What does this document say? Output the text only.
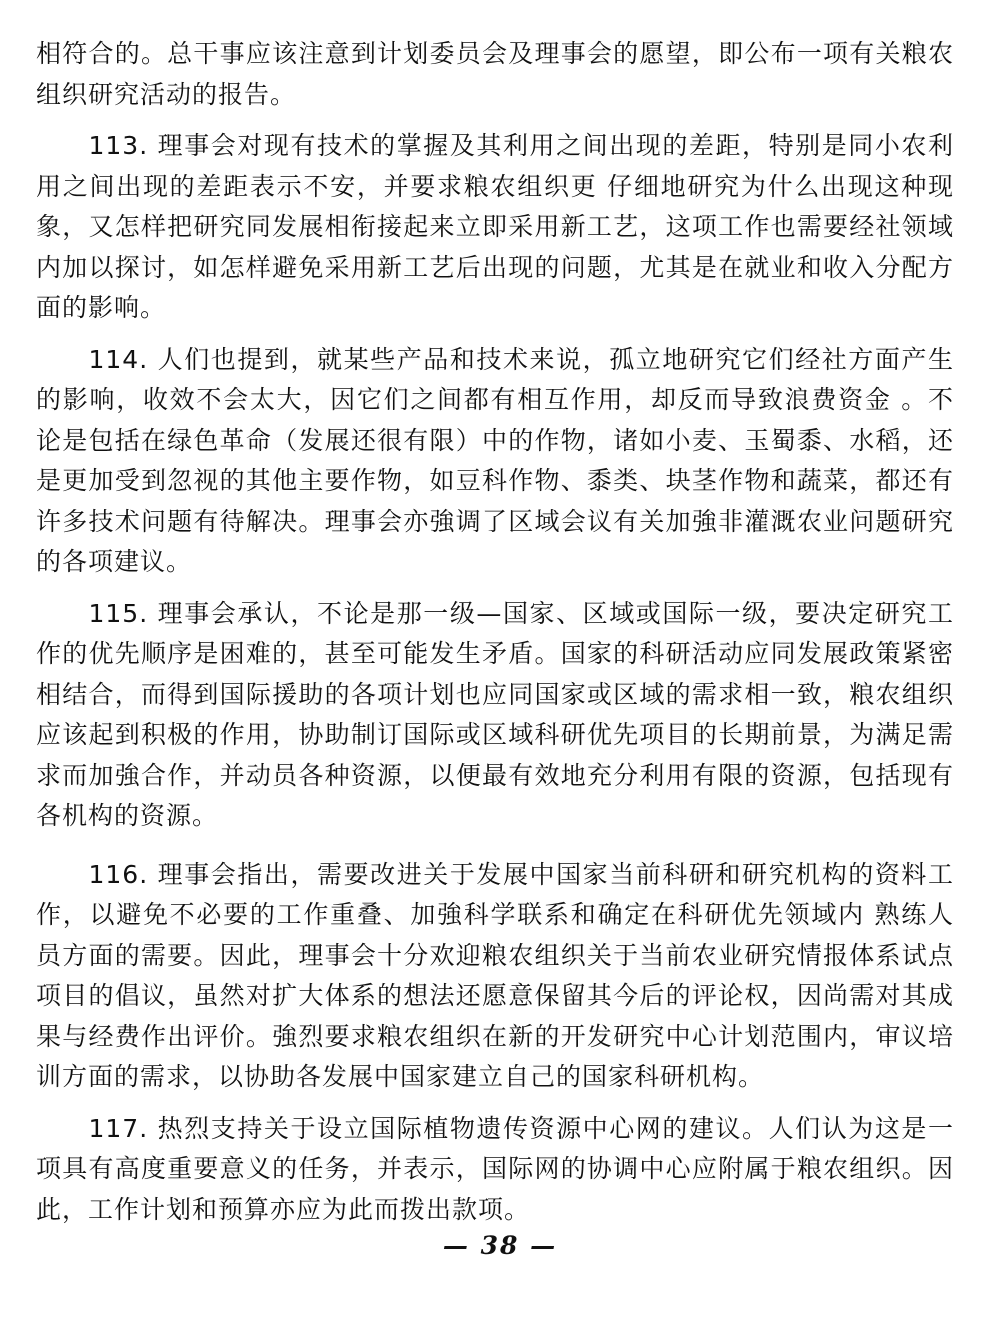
相符合的。总干事应该注意到计划委员会及理事会的愿望，即公布一项有关粮农组织研究活动的报告。

113. 理事会对现有技术的掌握及其利用之间出现的差距，特别是同小农利用之间出现的差距表示不安，并要求粮农组织更 仔细地研究为什么出现这种现象，又怎样把研究同发展相衔接起来立即采用新工艺，这项工作也需要经社领域内加以探讨，如怎样避免采用新工艺后出现的问题，尤其是在就业和收入分配方面的影响。

114. 人们也提到，就某些产品和技术来说，孤立地研究它们经社方面产生的影响，收效不会太大，因它们之间都有相互作用，却反而导致浪费资金 。不论是包括在绿色革命（发展还很有限）中的作物，诸如小麦、玉蜀黍、水稻，还是更加受到忽视的其他主要作物，如豆科作物、黍类、块茎作物和蔬菜，都还有许多技术问题有待解决。理事会亦強调了区域会议有关加強非灌溉农业问题研究的各项建议。

115. 理事会承认，不论是那一级—国家、区域或国际一级，要决定研究工作的优先顺序是困难的，甚至可能发生矛盾。国家的科研活动应同发展政策紧密相结合，而得到国际援助的各项计划也应同国家或区域的需求相一致，粮农组织应该起到积极的作用，协助制订国际或区域科研优先项目的长期前景，为满足需求而加強合作，并动员各种资源，以便最有效地充分利用有限的资源，包括现有各机构的资源。

116. 理事会指出，需要改进关于发展中国家当前科研和研究机构的资料工作，以避免不必要的工作重叠、加強科学联系和确定在科研优先领域内 熟练人员方面的需要。因此，理事会十分欢迎粮农组织关于当前农业研究情报体系试点项目的倡议，虽然对扩大体系的想法还愿意保留其今后的评论权，因尚需对其成果与经费作出评价。強烈要求粮农组织在新的开发研究中心计划范围内，审议培训方面的需求，以协助各发展中国家建立自己的国家科研机构。

117. 热烈支持关于设立国际植物遗传资源中心网的建议。人们认为这是一项具有高度重要意义的任务，并表示，国际网的协调中心应附属于粮农组织。因此，工作计划和预算亦应为此而拨出款项。

— 38 —
